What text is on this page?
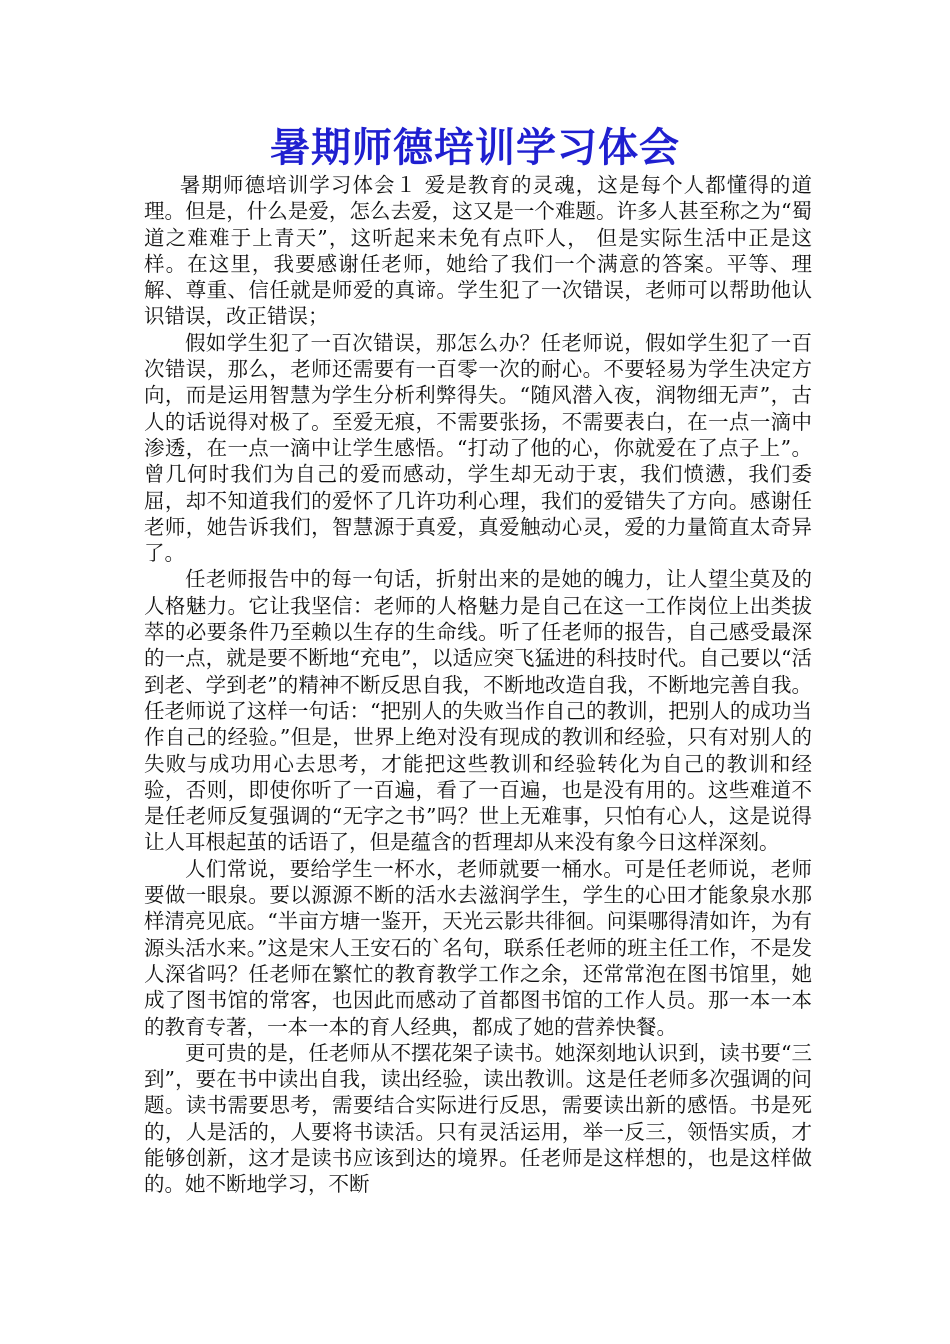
暑期师德培训学习体会

暑期师德培训学习体会１ 爱是教育的灵魂，这是每个人都懂得的道理。但是，什么是爱，怎么去爱，这又是一个难题。许多人甚至称之为“蜀道之难难于上青天”，这听起来未免有点吓人， 但是实际生活中正是这样。在这里，我要感谢任老师，她给了我们一个满意的答案。平等、理解、尊重、信任就是师爱的真谛。学生犯了一次错误，老师可以帮助他认识错误，改正错误；

假如学生犯了一百次错误，那怎么办？任老师说，假如学生犯了一百次错误，那么，老师还需要有一百零一次的耐心。不要轻易为学生决定方向，而是运用智慧为学生分析利弊得失。“随风潜入夜，润物细无声”，古人的话说得对极了。至爱无痕，不需要张扬，不需要表白，在一点一滴中渗透，在一点一滴中让学生感悟。“打动了他的心，你就爱在了点子上”。曾几何时我们为自己的爱而感动，学生却无动于衷，我们愤懑，我们委屈，却不知道我们的爱怀了几许功利心理，我们的爱错失了方向。感谢任老师，她告诉我们，智慧源于真爱，真爱触动心灵，爱的力量简直太奇异了。

任老师报告中的每一句话，折射出来的是她的魄力，让人望尘莫及的人格魅力。它让我坚信：老师的人格魅力是自己在这一工作岗位上出类拔萃的必要条件乃至赖以生存的生命线。听了任老师的报告，自己感受最深的一点，就是要不断地“充电”，以适应突飞猛进的科技时代。自己要以“活到老、学到老”的精神不断反思自我，不断地改造自我，不断地完善自我。任老师说了这样一句话：“把别人的失败当作自己的教训，把别人的成功当作自己的经验。”但是，世界上绝对没有现成的教训和经验，只有对别人的失败与成功用心去思考，才能把这些教训和经验转化为自己的教训和经验，否则，即使你听了一百遍，看了一百遍，也是没有用的。这些难道不是任老师反复强调的“无字之书”吗？世上无难事，只怕有心人，这是说得让人耳根起茧的话语了，但是蕴含的哲理却从来没有象今日这样深刻。

人们常说，要给学生一杯水，老师就要一桶水。可是任老师说，老师要做一眼泉。要以源源不断的活水去滋润学生，学生的心田才能象泉水那样清亮见底。“半亩方塘一鉴开，天光云影共徘徊。问渠哪得清如许，为有源头活水来。”这是宋人王安石的`名句，联系任老师的班主任工作，不是发人深省吗？任老师在繁忙的教育教学工作之余，还常常泡在图书馆里，她成了图书馆的常客，也因此而感动了首都图书馆的工作人员。那一本一本的教育专著，一本一本的育人经典，都成了她的营养快餐。

更可贵的是，任老师从不摆花架子读书。她深刻地认识到，读书要“三到”，要在书中读出自我，读出经验，读出教训。这是任老师多次强调的问题。读书需要思考，需要结合实际进行反思，需要读出新的感悟。书是死的，人是活的，人要将书读活。只有灵活运用，举一反三，领悟实质，才能够创新，这才是读书应该到达的境界。任老师是这样想的，也是这样做的。她不断地学习，不断
